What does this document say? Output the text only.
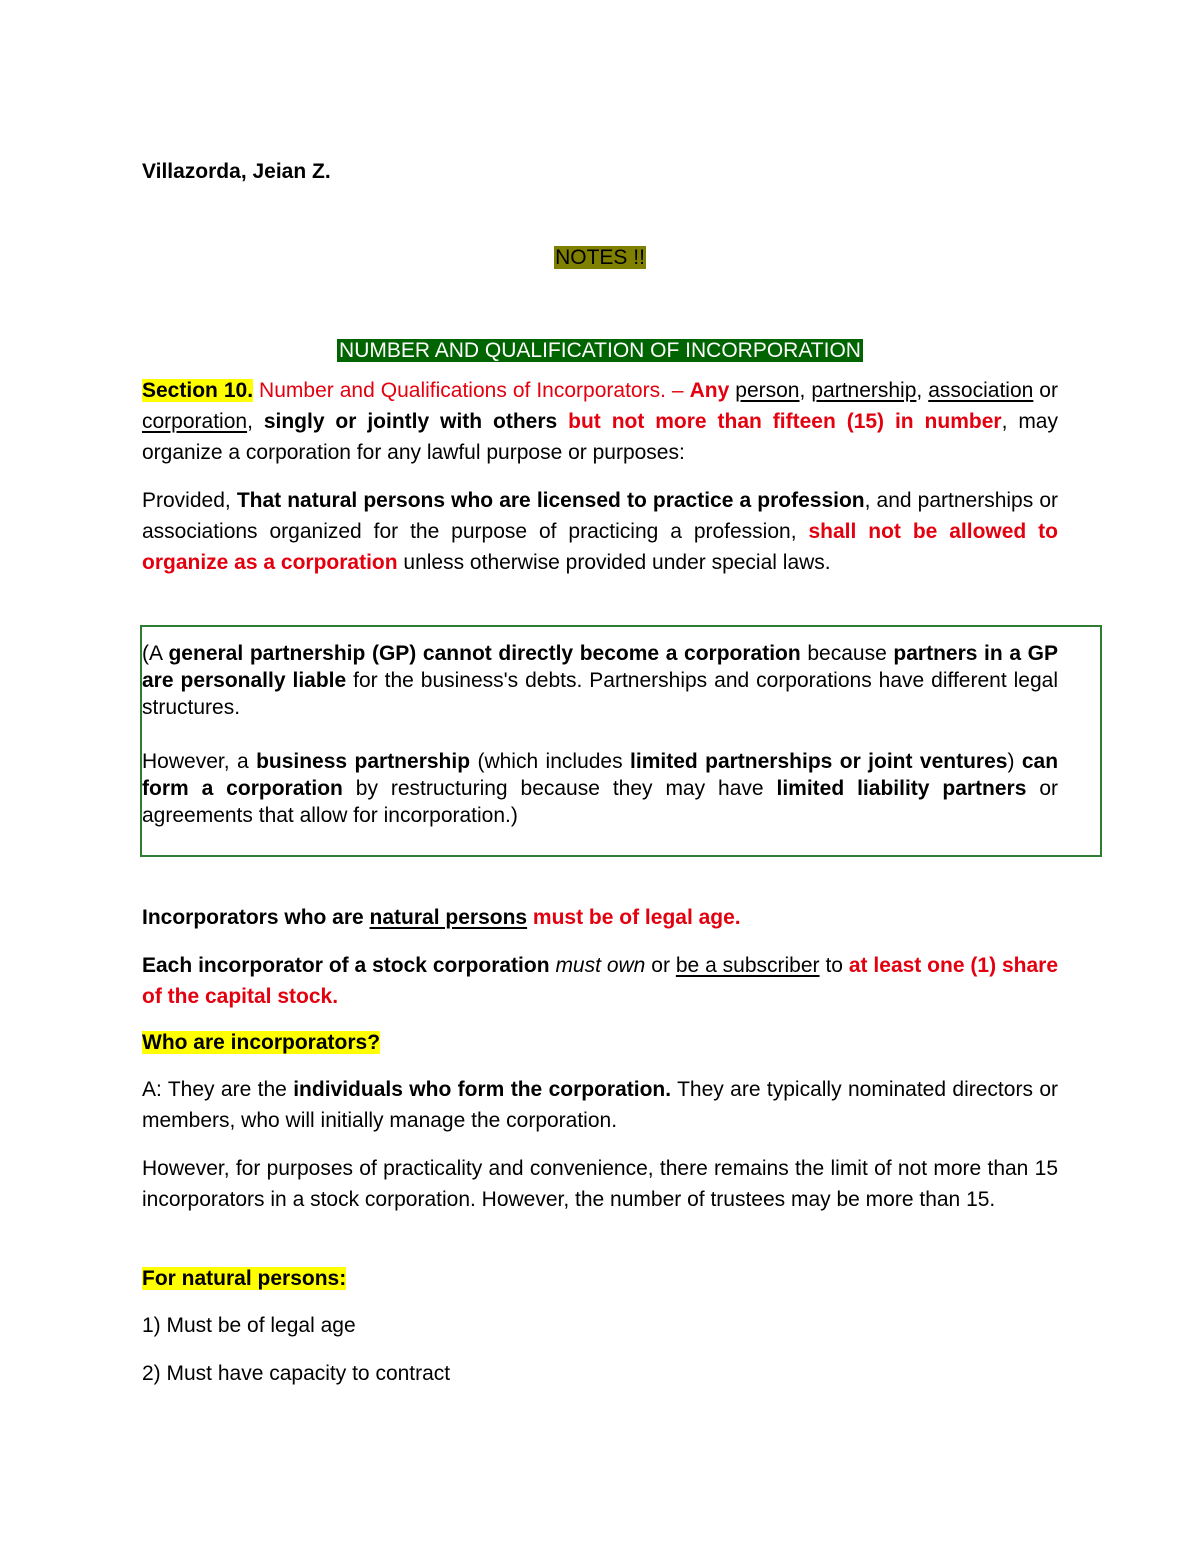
Villazorda, Jeian Z.
NOTES !!
NUMBER AND QUALIFICATION OF INCORPORATION
Section 10. Number and Qualifications of Incorporators. – Any person, partnership, association or corporation, singly or jointly with others but not more than fifteen (15) in number, may organize a corporation for any lawful purpose or purposes:
Provided, That natural persons who are licensed to practice a profession, and partnerships or associations organized for the purpose of practicing a profession, shall not be allowed to organize as a corporation unless otherwise provided under special laws.
(A general partnership (GP) cannot directly become a corporation because partners in a GP are personally liable for the business's debts. Partnerships and corporations have different legal structures.
However, a business partnership (which includes limited partnerships or joint ventures) can form a corporation by restructuring because they may have limited liability partners or agreements that allow for incorporation.)
Incorporators who are natural persons must be of legal age.
Each incorporator of a stock corporation must own or be a subscriber to at least one (1) share of the capital stock.
Who are incorporators?
A: They are the individuals who form the corporation. They are typically nominated directors or members, who will initially manage the corporation.
However, for purposes of practicality and convenience, there remains the limit of not more than 15 incorporators in a stock corporation. However, the number of trustees may be more than 15.
For natural persons:
1) Must be of legal age
2) Must have capacity to contract
